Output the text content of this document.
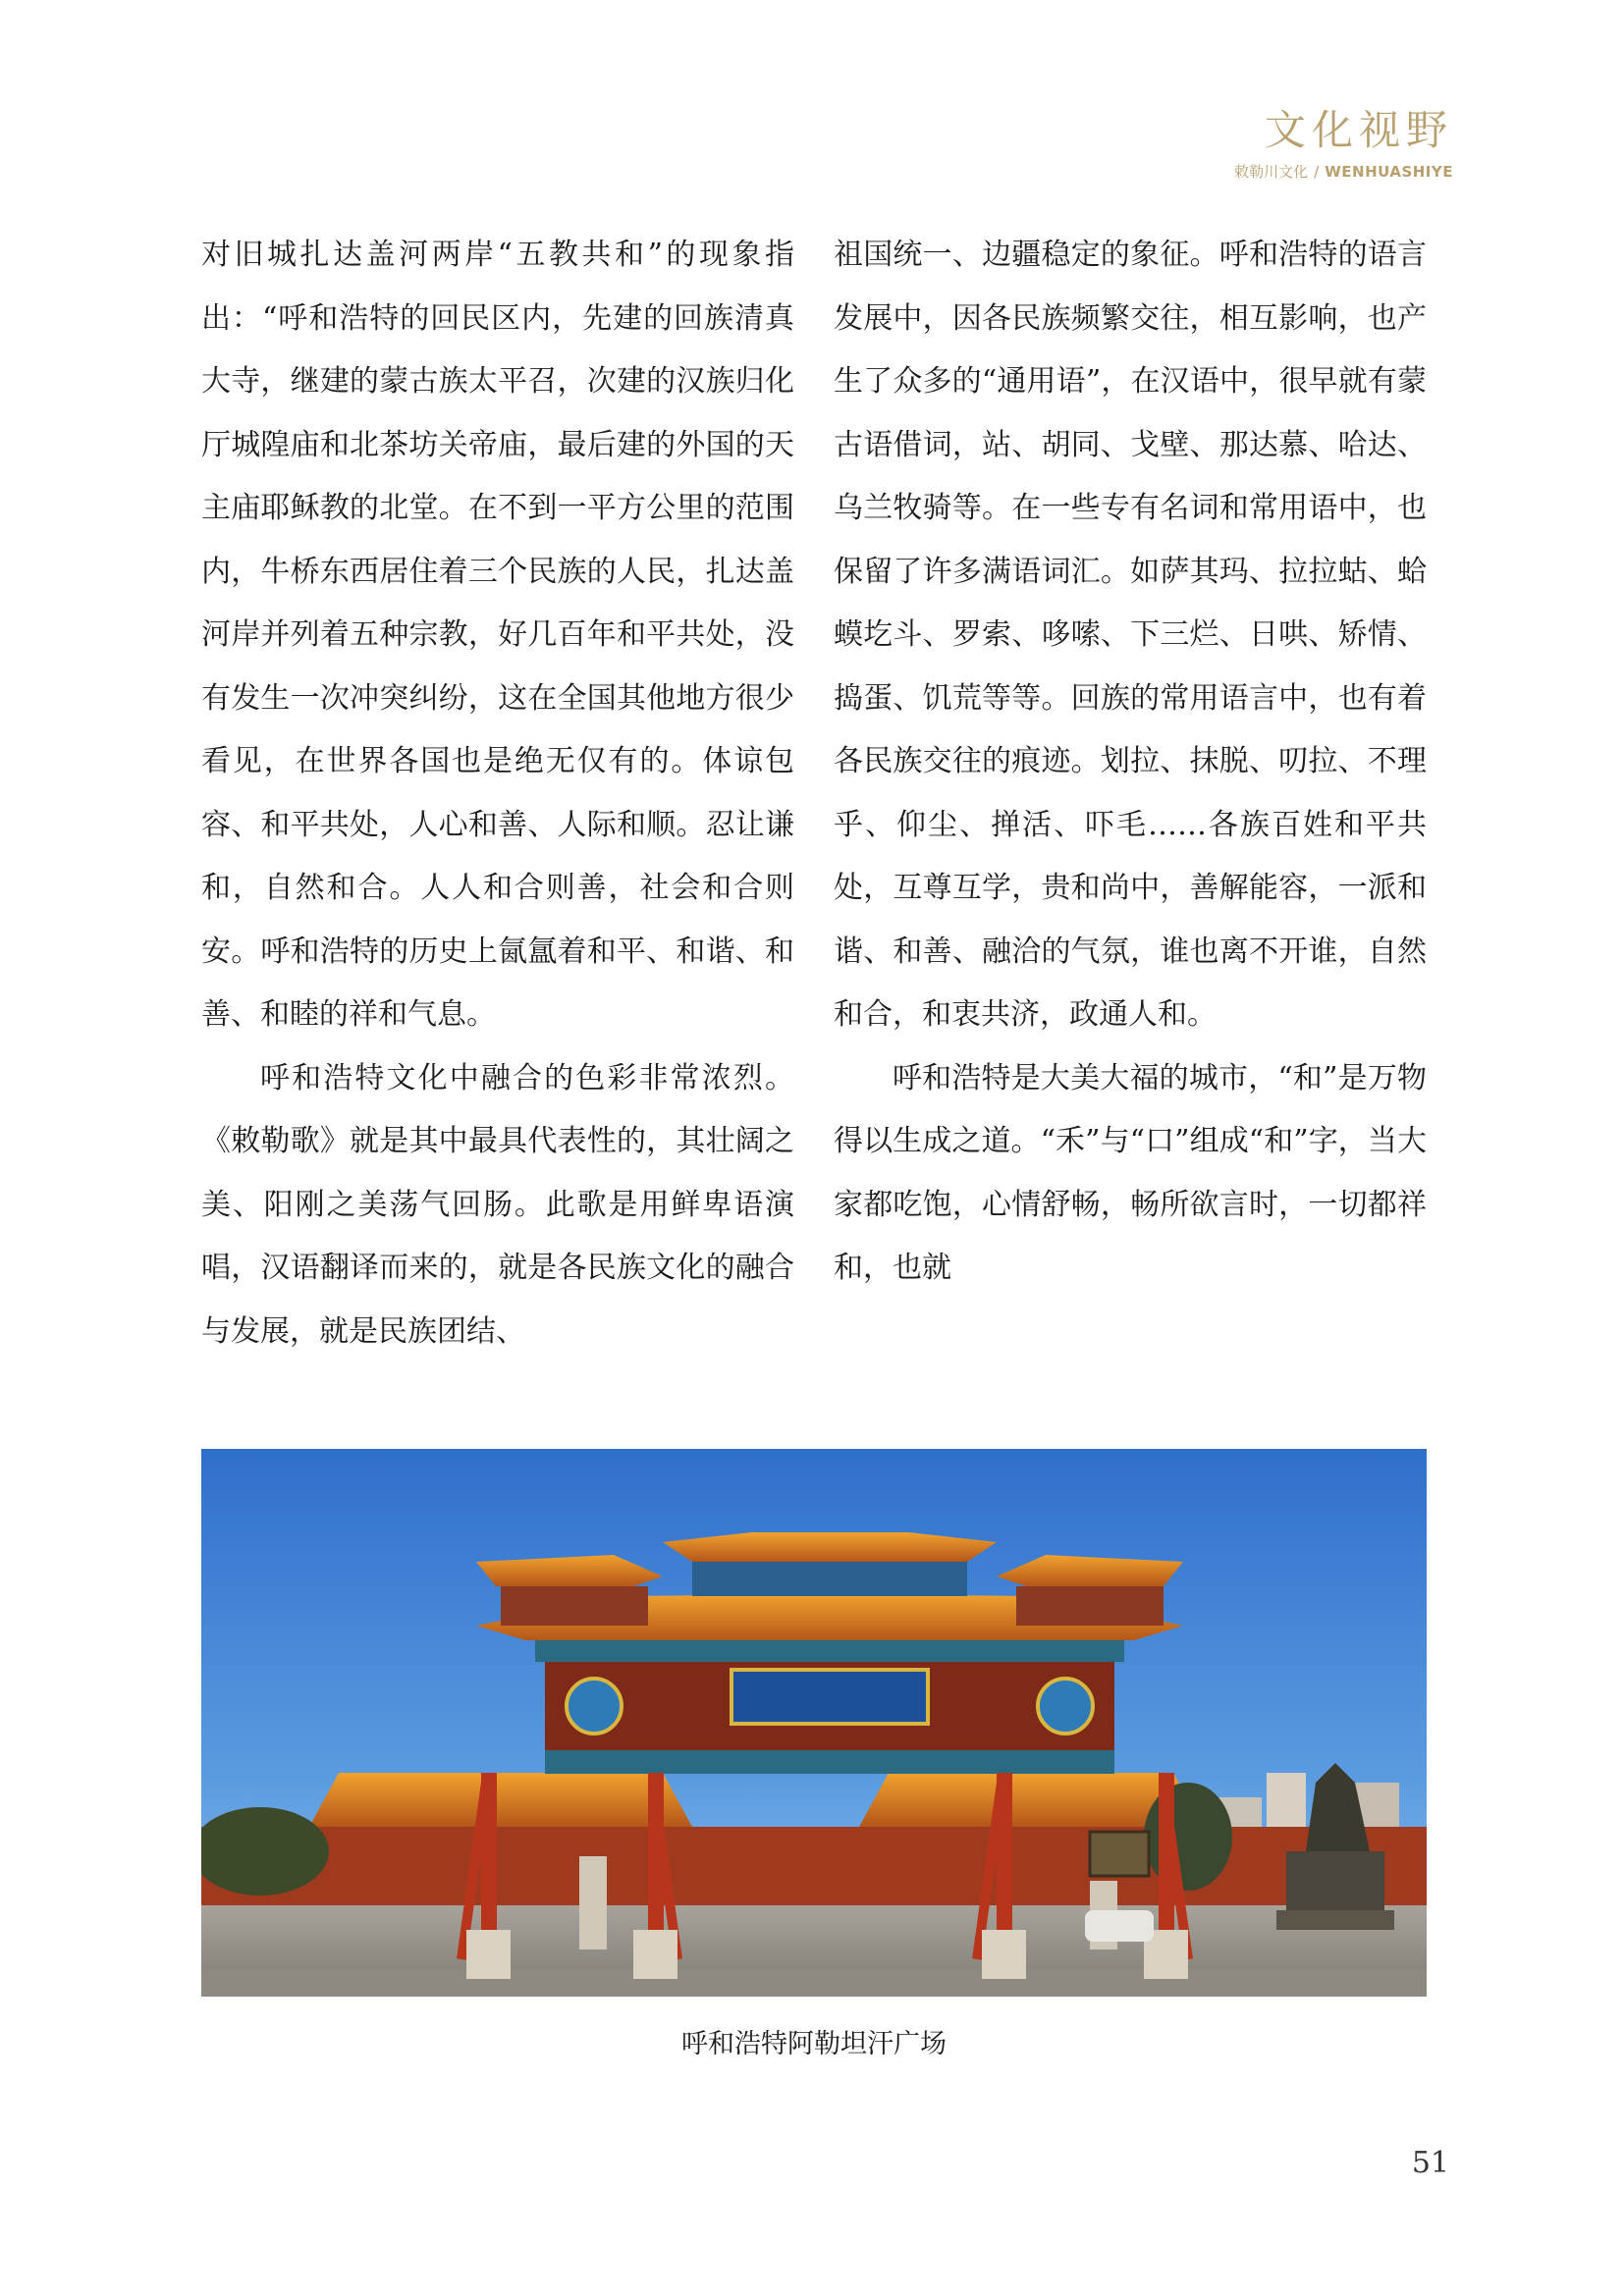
文化视野
敕勒川文化 / WENHUASHIYE

对旧城扎达盖河两岸“五教共和”的现象指出：“呼和浩特的回民区内，先建的回族清真大寺，继建的蒙古族太平召，次建的汉族归化厅城隍庙和北茶坊关帝庙，最后建的外国的天主庙耶稣教的北堂。在不到一平方公里的范围内，牛桥东西居住着三个民族的人民，扎达盖河岸并列着五种宗教，好几百年和平共处，没有发生一次冲突纠纷，这在全国其他地方很少看见，在世界各国也是绝无仅有的。体谅包容、和平共处，人心和善、人际和顺。忍让谦和，自然和合。人人和合则善，社会和合则安。呼和浩特的历史上氤氲着和平、和谐、和善、和睦的祥和气息。

呼和浩特文化中融合的色彩非常浓烈。《敕勒歌》就是其中最具代表性的，其壮阔之美、阳刚之美荡气回肠。此歌是用鲜卑语演唱，汉语翻译而来的，就是各民族文化的融合与发展，就是民族团结、

祖国统一、边疆稳定的象征。呼和浩特的语言发展中，因各民族频繁交往，相互影响，也产生了众多的“通用语”，在汉语中，很早就有蒙古语借词，站、胡同、戈壁、那达慕、哈达、乌兰牧骑等。在一些专有名词和常用语中，也保留了许多满语词汇。如萨其玛、拉拉蛄、蛤蟆圪斗、罗索、哆嗦、下三烂、日哄、矫情、捣蛋、饥荒等等。回族的常用语言中，也有着各民族交往的痕迹。划拉、抹脱、叨拉、不理乎、仰尘、掸活、吓毛……各族百姓和平共处，互尊互学，贵和尚中，善解能容，一派和谐、和善、融洽的气氛，谁也离不开谁，自然和合，和衷共济，政通人和。

呼和浩特是大美大福的城市，“和”是万物得以生成之道。“禾”与“口”组成“和”字，当大家都吃饱，心情舒畅，畅所欲言时，一切都祥和，也就

呼和浩特阿勒坦汗广场
51
